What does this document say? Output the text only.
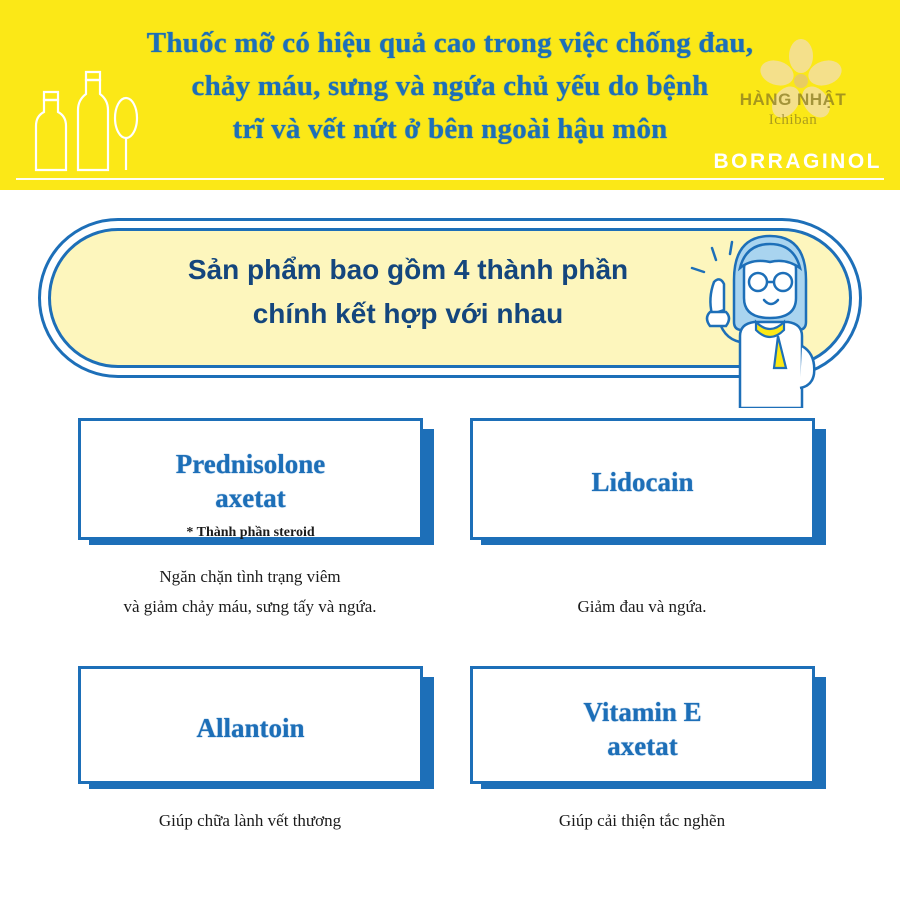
Thuốc mỡ có hiệu quả cao trong việc chống đau,
chảy máu, sưng và ngứa chủ yếu do bệnh
trĩ và vết nứt ở bên ngoài hậu môn
HÀNG NHẬT
Ichiban
BORRAGINOL
Sản phẩm bao gồm 4 thành phần
chính kết hợp với nhau
Prednisolone
axetat
* Thành phần steroid
Ngăn chặn tình trạng viêm
và giảm chảy máu, sưng tấy và ngứa.
Lidocain
Giảm đau và ngứa.
Allantoin
Giúp chữa lành vết thương
Vitamin E
axetat
Giúp cải thiện tắc nghẽn
